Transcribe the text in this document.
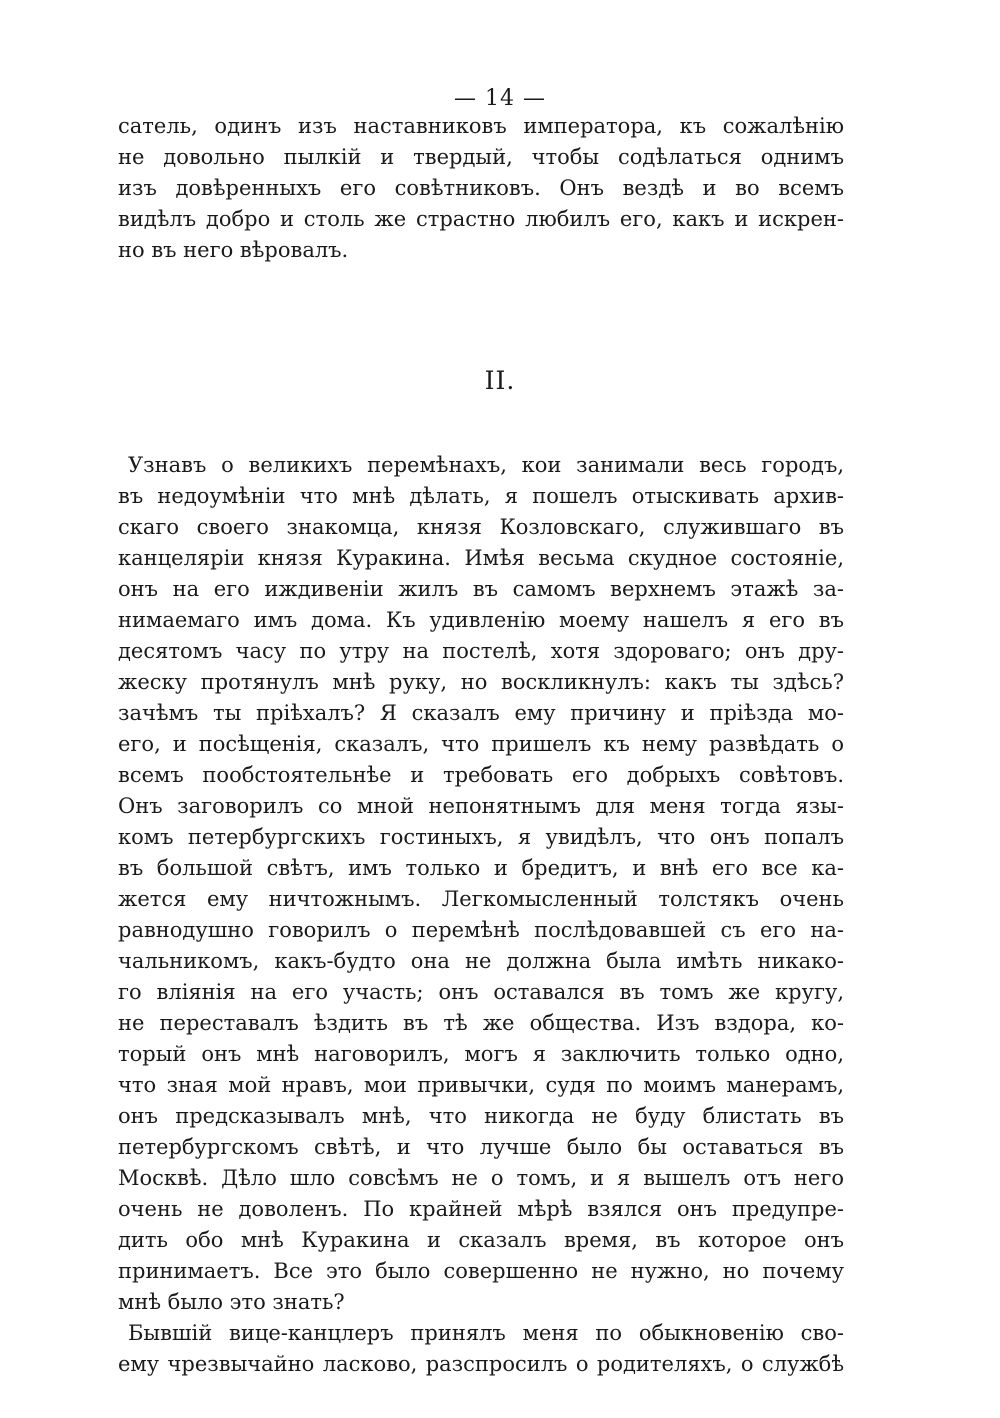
— 14 —
сатель, одинъ изъ наставниковъ императора, къ сожалѣнію
не довольно пылкій и твердый, чтобы содѣлаться однимъ
изъ довѣренныхъ его совѣтниковъ. Онъ вездѣ и во всемъ
видѣлъ добро и столь же страстно любилъ его, какъ и искрен-
но въ него вѣровалъ.
II.
Узнавъ о великихъ перемѣнахъ, кои занимали весь городъ,
въ недоумѣніи что мнѣ дѣлать, я пошелъ отыскивать архив-
скаго своего знакомца, князя Козловскаго, служившаго въ
канцеляріи князя Куракина. Имѣя весьма скудное состояніе,
онъ на его иждивеніи жилъ въ самомъ верхнемъ этажѣ за-
нимаемаго имъ дома. Къ удивленію моему нашелъ я его въ
десятомъ часу по утру на постелѣ, хотя здороваго; онъ дру-
жеску протянулъ мнѣ руку, но воскликнулъ: какъ ты здѣсь?
зачѣмъ ты пріѣхалъ? Я сказалъ ему причину и пріѣзда мо-
его, и посѣщенія, сказалъ, что пришелъ къ нему развѣдать о
всемъ пообстоятельнѣе и требовать его добрыхъ совѣтовъ.
Онъ заговорилъ со мной непонятнымъ для меня тогда язы-
комъ петербургскихъ гостиныхъ, я увидѣлъ, что онъ попалъ
въ большой свѣтъ, имъ только и бредитъ, и внѣ его все ка-
жется ему ничтожнымъ. Легкомысленный толстякъ очень
равнодушно говорилъ о перемѣнѣ послѣдовавшей съ его на-
чальникомъ, какъ-будто она не должна была имѣть никако-
го вліянія на его участь; онъ оставался въ томъ же кругу,
не переставалъ ѣздить въ тѣ же общества. Изъ вздора, ко-
торый онъ мнѣ наговорилъ, могъ я заключить только одно,
что зная мой нравъ, мои привычки, судя по моимъ манерамъ,
онъ предсказывалъ мнѣ, что никогда не буду блистать въ
петербургскомъ свѣтѣ, и что лучше было бы оставаться въ
Москвѣ. Дѣло шло совсѣмъ не о томъ, и я вышелъ отъ него
очень не доволенъ. По крайней мѣрѣ взялся онъ предупре-
дить обо мнѣ Куракина и сказалъ время, въ которое онъ
принимаетъ. Все это было совершенно не нужно, но почему
мнѣ было это знать?
Бывшій вице-канцлеръ принялъ меня по обыкновенію сво-
ему чрезвычайно ласково, разспросилъ о родителяхъ, о службѣ
